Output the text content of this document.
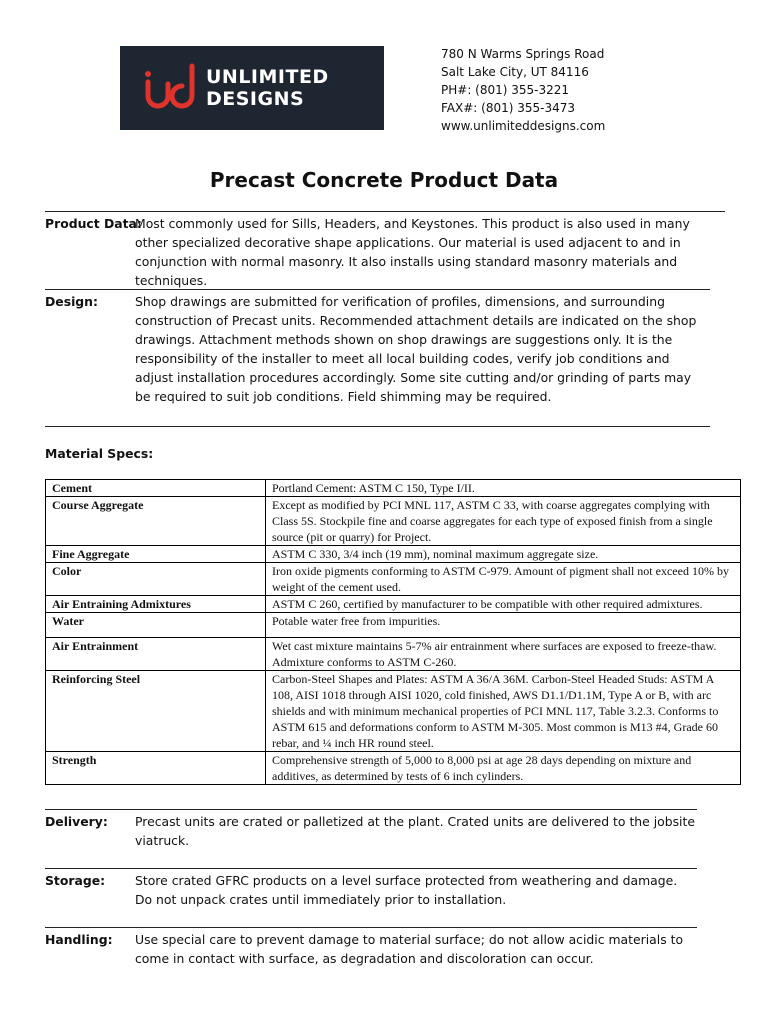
UNLIMITED
DESIGNS
780 N Warms Springs Road
Salt Lake City, UT 84116
PH#: (801) 355-3221
FAX#: (801) 355-3473
www.unlimiteddesigns.com
Precast Concrete Product Data
Product Data:
Most commonly used for Sills, Headers, and Keystones. This product is also used in many other specialized decorative shape applications. Our material is used adjacent to and in conjunction with normal masonry. It also installs using standard masonry materials and techniques.
Design:	Shop drawings are submitted for verification of profiles, dimensions, and surrounding construction of Precast units. Recommended attachment details are indicated on the shop drawings. Attachment methods shown on shop drawings are suggestions only. It is the responsibility of the installer to meet all local building codes, verify job conditions and adjust installation procedures accordingly. Some site cutting and/or grinding of parts may be required to suit job conditions. Field shimming may be required.
Material Specs:
Cement	Portland Cement: ASTM C 150, Type I/II.
Course Aggregate	Except as modified by PCI MNL 117, ASTM C 33, with coarse aggregates complying with Class 5S. Stockpile fine and coarse aggregates for each type of exposed finish from a single source (pit or quarry) for Project.
Fine Aggregate	ASTM C 330, 3/4 inch (19 mm), nominal maximum aggregate size.
Color	Iron oxide pigments conforming to ASTM C-979. Amount of pigment shall not exceed 10% by weight of the cement used.
Air Entraining Admixtures	ASTM C 260, certified by manufacturer to be compatible with other required admixtures.
Water	Potable water free from impurities.
Air Entrainment	Wet cast mixture maintains 5-7% air entrainment where surfaces are exposed to freeze-thaw. Admixture conforms to ASTM C-260.
Reinforcing Steel	Carbon-Steel Shapes and Plates: ASTM A 36/A 36M. Carbon-Steel Headed Studs: ASTM A 108, AISI 1018 through AISI 1020, cold finished, AWS D1.1/D1.1M, Type A or B, with arc shields and with minimum mechanical properties of PCI MNL 117, Table 3.2.3. Conforms to ASTM 615 and deformations conform to ASTM M-305. Most common is M13 #4, Grade 60 rebar, and ¼ inch HR round steel.
Strength	Comprehensive strength of 5,000 to 8,000 psi at age 28 days depending on mixture and additives, as determined by tests of 6 inch cylinders.
Delivery: Precast units are crated or palletized at the plant. Crated units are delivered to the jobsite viatruck.
Storage: Store crated GFRC products on a level surface protected from weathering and damage. Do not unpack crates until immediately prior to installation.
Handling: Use special care to prevent damage to material surface; do not allow acidic materials to come in contact with surface, as degradation and discoloration can occur.
